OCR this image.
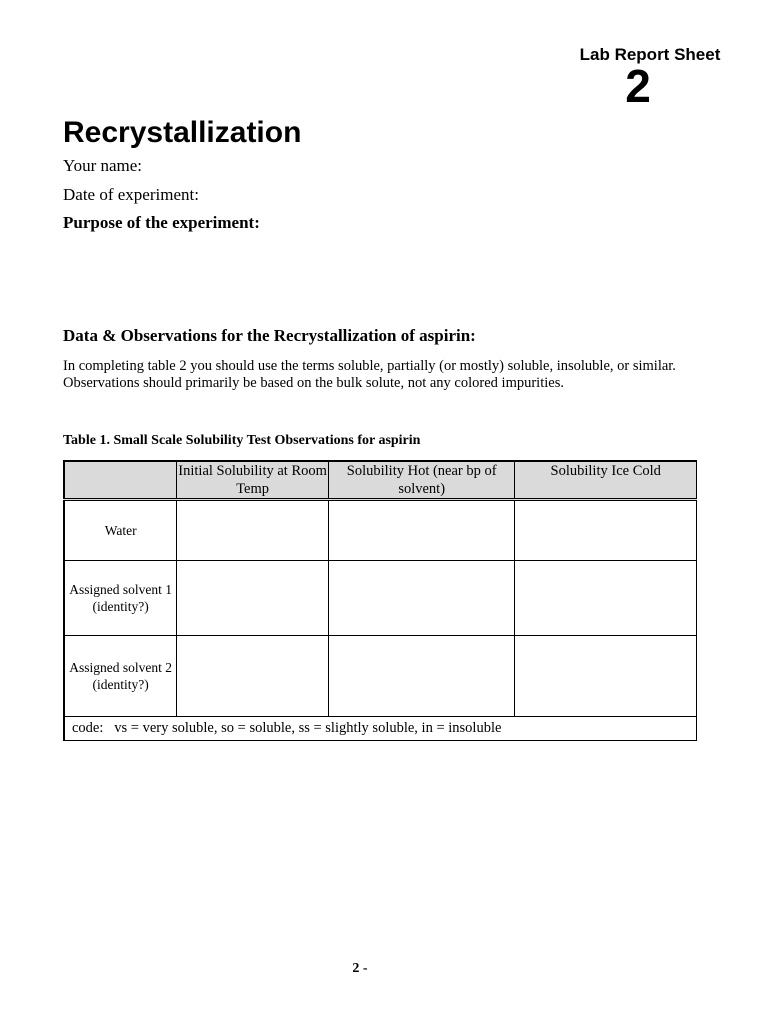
Lab Report Sheet
2
Recrystallization
Your name:
Date of experiment:
Purpose of the experiment:
Data & Observations for the Recrystallization of aspirin:
In completing table 2 you should use the terms soluble, partially (or mostly) soluble, insoluble, or similar. Observations should primarily be based on the bulk solute, not any colored impurities.
Table 1. Small Scale Solubility Test Observations for aspirin
	Initial Solubility at Room Temp	Solubility Hot (near bp of solvent)	Solubility Ice Cold
Water			
Assigned solvent 1 (identity?)			
Assigned solvent 2 (identity?)			
code:   vs = very soluble, so = soluble, ss = slightly soluble, in = insoluble			
2 -
